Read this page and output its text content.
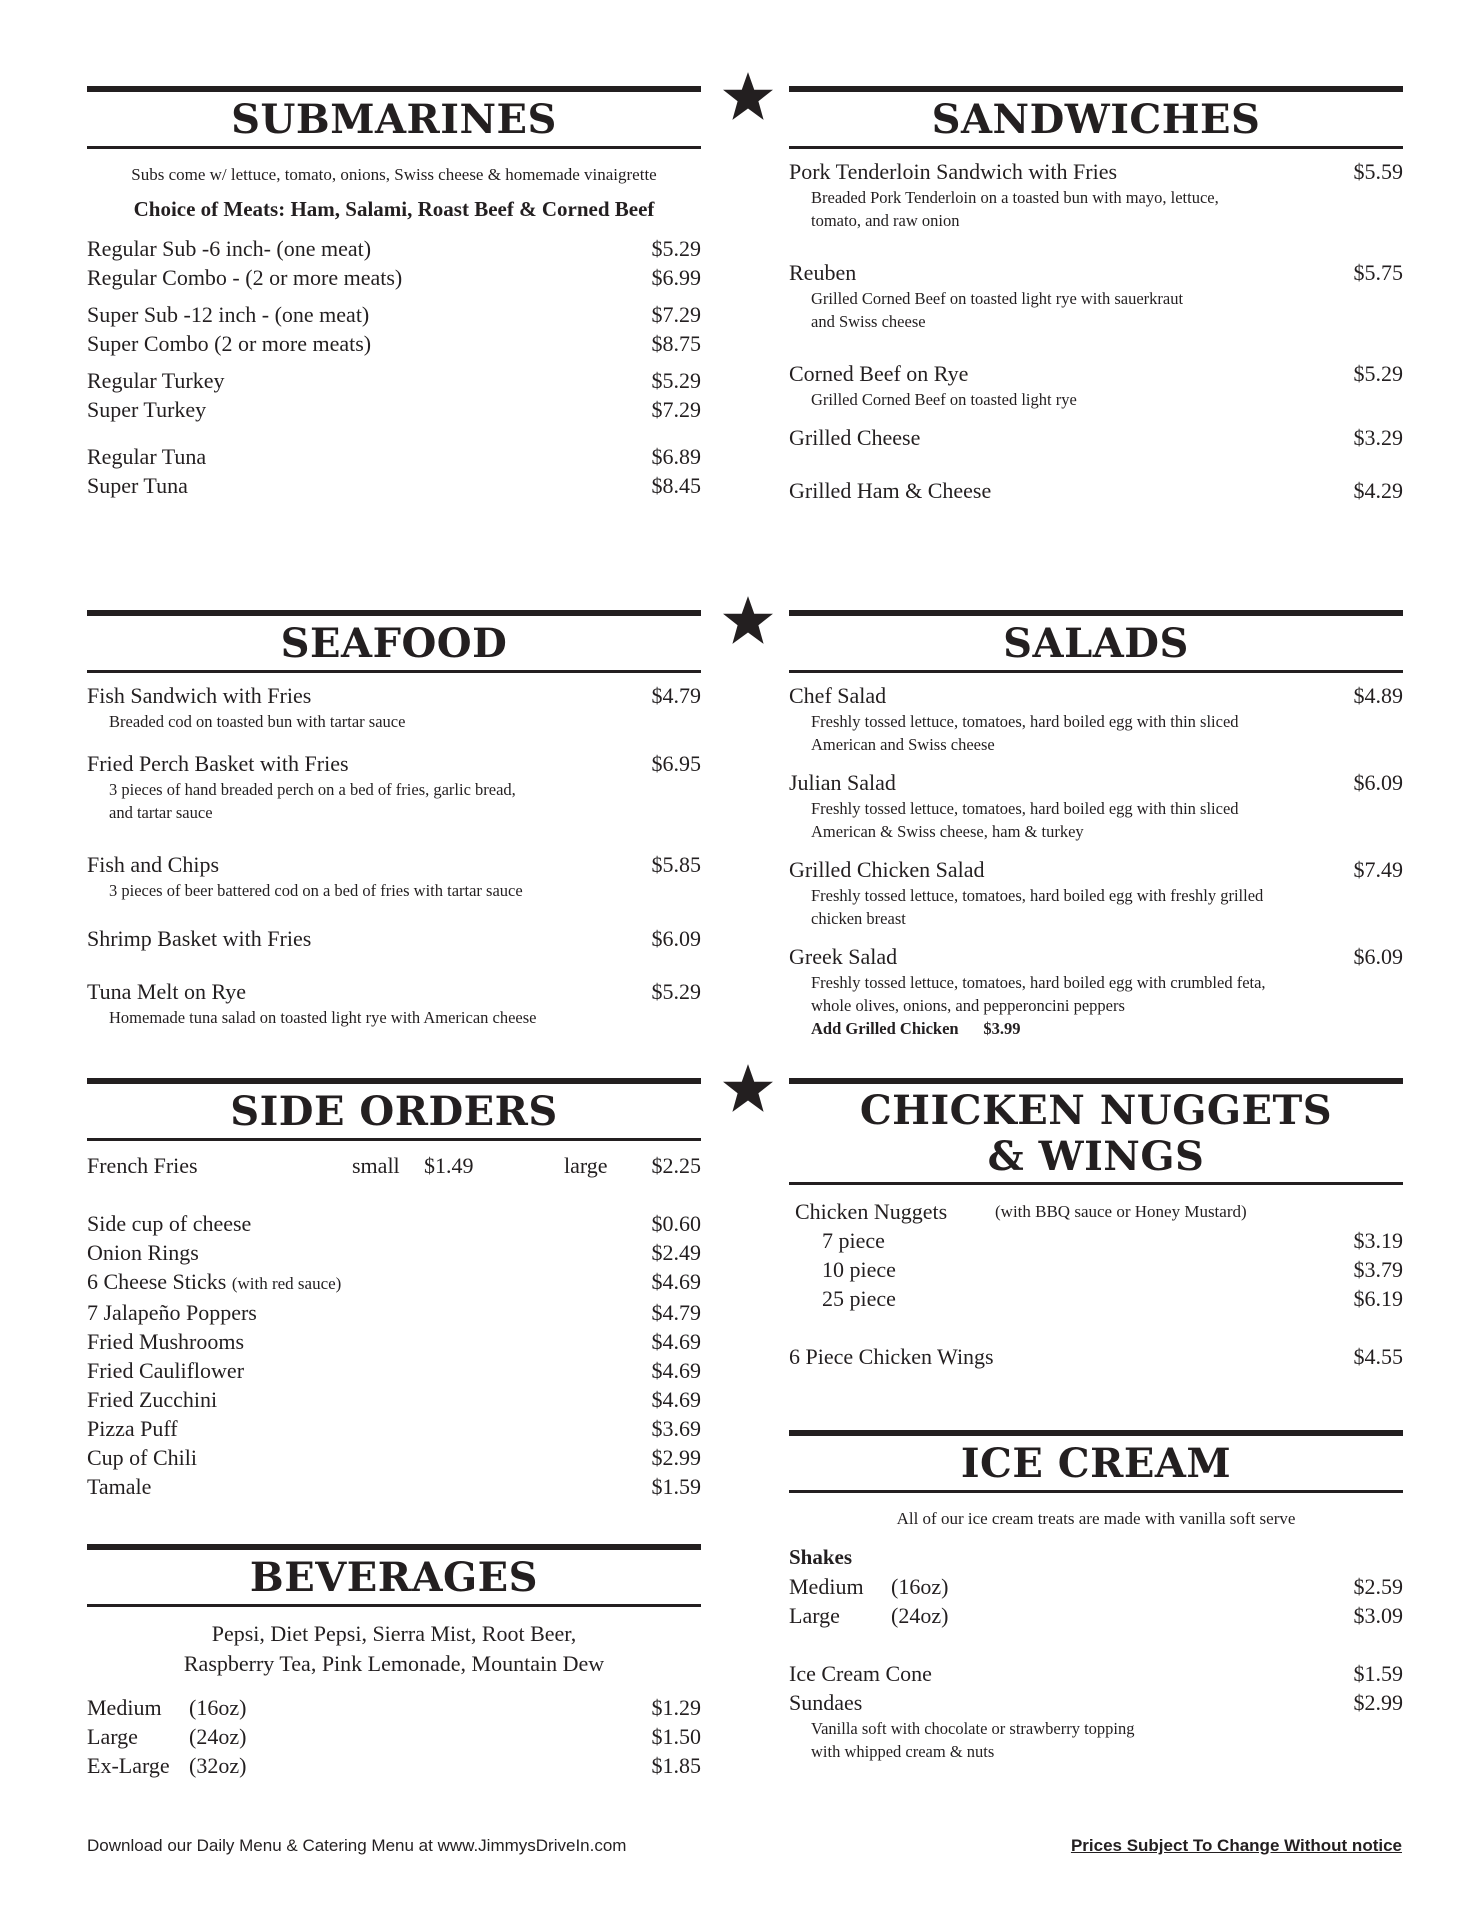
SUBMARINES
Subs come w/ lettuce, tomato, onions, Swiss cheese & homemade vinaigrette
Choice of Meats: Ham, Salami, Roast Beef & Corned Beef
Regular Sub -6 inch- (one meat)	$5.29
Regular Combo - (2 or more meats)	$6.99
Super Sub -12 inch - (one meat)	$7.29
Super Combo (2 or more meats)	$8.75
Regular Turkey	$5.29
Super Turkey	$7.29
Regular Tuna	$6.89
Super Tuna	$8.45
SEAFOOD
Fish Sandwich with Fries	$4.79
Breaded cod on toasted bun with tartar sauce
Fried Perch Basket with Fries	$6.95
3 pieces of hand breaded perch on a bed of fries, garlic bread,
and tartar sauce
Fish and Chips	$5.85
3 pieces of beer battered cod on a bed of fries with tartar sauce
Shrimp Basket with Fries	$6.09
Tuna Melt on Rye	$5.29
Homemade tuna salad on toasted light rye with American cheese
SIDE ORDERS
French Fries	small	$1.49	large	$2.25
Side cup of cheese	$0.60
Onion Rings	$2.49
6 Cheese Sticks (with red sauce)	$4.69
7 Jalapeño Poppers	$4.79
Fried Mushrooms	$4.69
Fried Cauliflower	$4.69
Fried Zucchini	$4.69
Pizza Puff	$3.69
Cup of Chili	$2.99
Tamale	$1.59
BEVERAGES
Pepsi, Diet Pepsi, Sierra Mist, Root Beer,
Raspberry Tea, Pink Lemonade, Mountain Dew
Medium	(16oz)	$1.29
Large	(24oz)	$1.50
Ex-Large (32oz)	$1.85
SANDWICHES
Pork Tenderloin Sandwich with Fries	$5.59
Breaded Pork Tenderloin on a toasted bun with mayo, lettuce,
tomato, and raw onion
Reuben	$5.75
Grilled Corned Beef on toasted light rye with sauerkraut
and Swiss cheese
Corned Beef on Rye	$5.29
Grilled Corned Beef on toasted light rye
Grilled Cheese	$3.29
Grilled Ham & Cheese	$4.29
SALADS
Chef Salad	$4.89
Freshly tossed lettuce, tomatoes, hard boiled egg with thin sliced
American and Swiss cheese
Julian Salad	$6.09
Freshly tossed lettuce, tomatoes, hard boiled egg with thin sliced
American & Swiss cheese, ham & turkey
Grilled Chicken Salad	$7.49
Freshly tossed lettuce, tomatoes, hard boiled egg with freshly grilled
chicken breast
Greek Salad	$6.09
Freshly tossed lettuce, tomatoes, hard boiled egg with crumbled feta,
whole olives, onions, and pepperoncini peppers
Add Grilled Chicken      $3.99
CHICKEN NUGGETS
& WINGS
Chicken Nuggets	(with BBQ sauce or Honey Mustard)
7 piece	$3.19
10 piece	$3.79
25 piece	$6.19
6 Piece Chicken Wings	$4.55
ICE CREAM
All of our ice cream treats are made with vanilla soft serve
Shakes
Medium	(16oz)	$2.59
Large	(24oz)	$3.09
Ice Cream Cone	$1.59
Sundaes	$2.99
Vanilla soft with chocolate or strawberry topping
with whipped cream & nuts
Download our Daily Menu & Catering Menu at www.JimmysDriveIn.com	Prices Subject To Change Without notice
